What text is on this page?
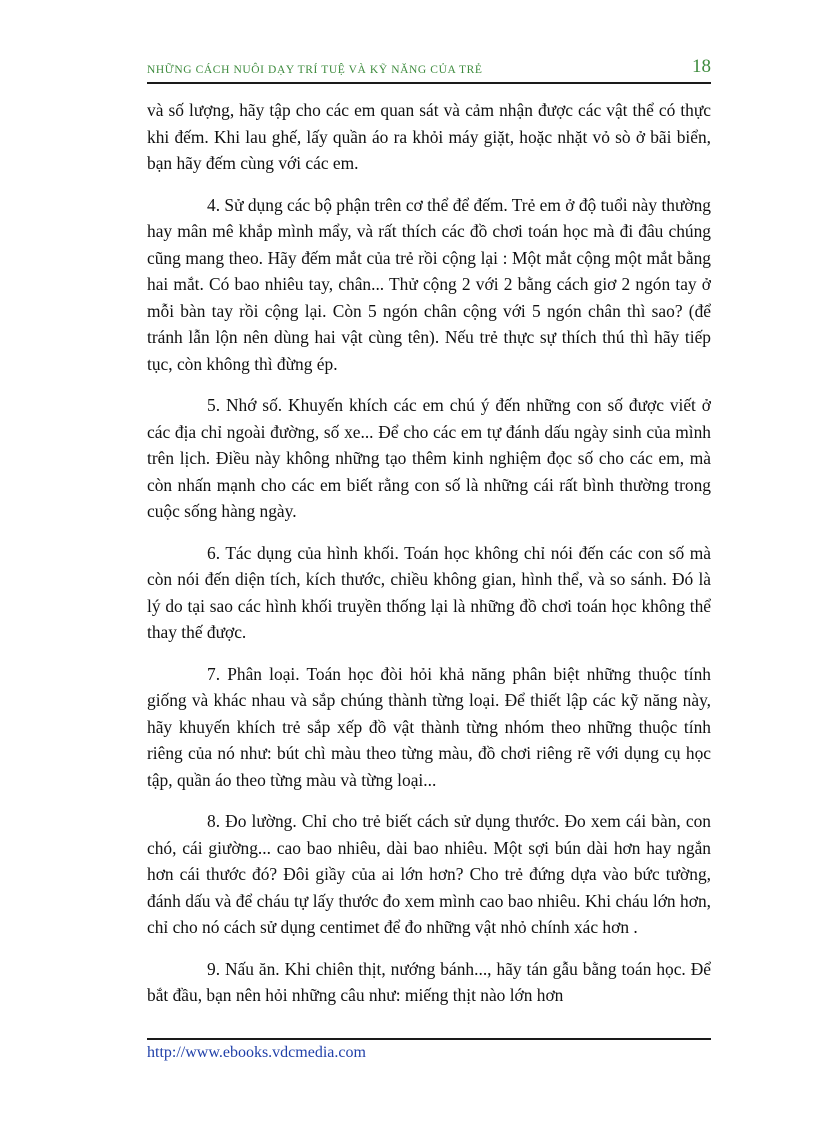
NHỮNG CÁCH NUÔI DẠY TRÍ TUỆ VÀ KỸ NĂNG CỦA TRẺ	18

và số lượng, hãy tập cho các em quan sát và cảm nhận được các vật thể có thực khi đếm. Khi lau ghế, lấy quần áo ra khỏi máy giặt, hoặc nhặt vỏ sò ở bãi biển, bạn hãy đếm cùng với các em.

4. Sử dụng các bộ phận trên cơ thể để đếm. Trẻ em ở độ tuổi này thường hay mân mê khắp mình mẩy, và rất thích các đồ chơi toán học mà đi đâu chúng cũng mang theo. Hãy đếm mắt của trẻ rồi cộng lại : Một mắt cộng một mắt bằng hai mắt. Có bao nhiêu tay, chân... Thử cộng 2 với 2 bằng cách giơ 2 ngón tay ở mỗi bàn tay rồi cộng lại. Còn 5 ngón chân cộng với 5 ngón chân thì sao? (để tránh lẫn lộn nên dùng hai vật cùng tên). Nếu trẻ thực sự thích thú thì hãy tiếp tục, còn không thì đừng ép.

5. Nhớ số. Khuyến khích các em chú ý đến những con số được viết ở các địa chỉ ngoài đường, số xe... Để cho các em tự đánh dấu ngày sinh của mình trên lịch. Điều này không những tạo thêm kinh nghiệm đọc số cho các em, mà còn nhấn mạnh cho các em biết rằng con số là những cái rất bình thường trong cuộc sống hàng ngày.

6. Tác dụng của hình khối. Toán học không chỉ nói đến các con số mà còn nói đến diện tích, kích thước, chiều không gian, hình thể, và so sánh. Đó là lý do tại sao các hình khối truyền thống lại là những đồ chơi toán học không thể thay thế được.

7. Phân loại. Toán học đòi hỏi khả năng phân biệt những thuộc tính giống và khác nhau và sắp chúng thành từng loại. Để thiết lập các kỹ năng này, hãy khuyến khích trẻ sắp xếp đồ vật thành từng nhóm theo những thuộc tính riêng của nó như: bút chì màu theo từng màu, đồ chơi riêng rẽ với dụng cụ học tập, quần áo theo từng màu và từng loại...

8. Đo lường. Chỉ cho trẻ biết cách sử dụng thước. Đo xem cái bàn, con chó, cái giường... cao bao nhiêu, dài bao nhiêu. Một sợi bún dài hơn hay ngắn hơn cái thước đó? Đôi giầy của ai lớn hơn? Cho trẻ đứng dựa vào bức tường, đánh dấu và để cháu tự lấy thước đo xem mình cao bao nhiêu. Khi cháu lớn hơn, chỉ cho nó cách sử dụng centimet để đo những vật nhỏ chính xác hơn .

9. Nấu ăn. Khi chiên thịt, nướng bánh..., hãy tán gẫu bằng toán học. Để bắt đầu, bạn nên hỏi những câu như: miếng thịt nào lớn hơn

http://www.ebooks.vdcmedia.com
